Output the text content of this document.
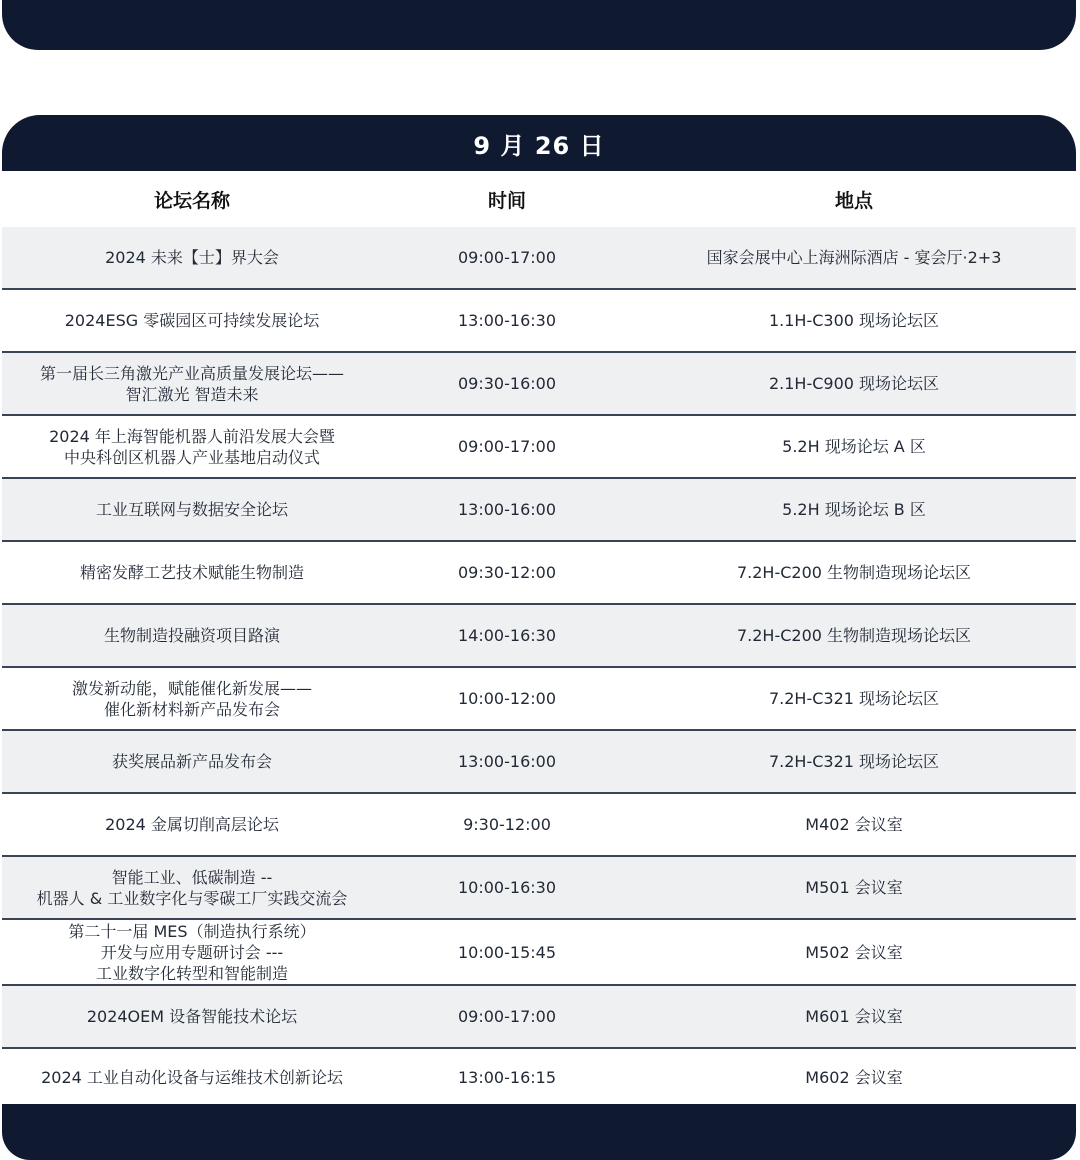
9 月 26 日
论坛名称	时间	地点
2024 未来【士】界大会	09:00-17:00	国家会展中心上海洲际酒店 - 宴会厅·2+3
2024ESG 零碳园区可持续发展论坛	13:00-16:30	1.1H-C300 现场论坛区
第一届长三角激光产业高质量发展论坛——
智汇激光 智造未来
09:30-16:00	2.1H-C900 现场论坛区
2024 年上海智能机器人前沿发展大会暨
中央科创区机器人产业基地启动仪式
09:00-17:00	5.2H 现场论坛 A 区
工业互联网与数据安全论坛	13:00-16:00	5.2H 现场论坛 B 区
精密发酵工艺技术赋能生物制造	09:30-12:00	7.2H-C200 生物制造现场论坛区
生物制造投融资项目路演	14:00-16:30	7.2H-C200 生物制造现场论坛区
激发新动能，赋能催化新发展——
催化新材料新产品发布会
10:00-12:00	7.2H-C321 现场论坛区
获奖展品新产品发布会	13:00-16:00	7.2H-C321 现场论坛区
2024 金属切削高层论坛	9:30-12:00	M402 会议室
智能工业、低碳制造 --
机器人 & 工业数字化与零碳工厂实践交流会
10:00-16:30	M501 会议室
第二十一届 MES（制造执行系统）
开发与应用专题研讨会 ---
工业数字化转型和智能制造
10:00-15:45	M502 会议室
2024OEM 设备智能技术论坛	09:00-17:00	M601 会议室
2024 工业自动化设备与运维技术创新论坛	13:00-16:15	M602 会议室
